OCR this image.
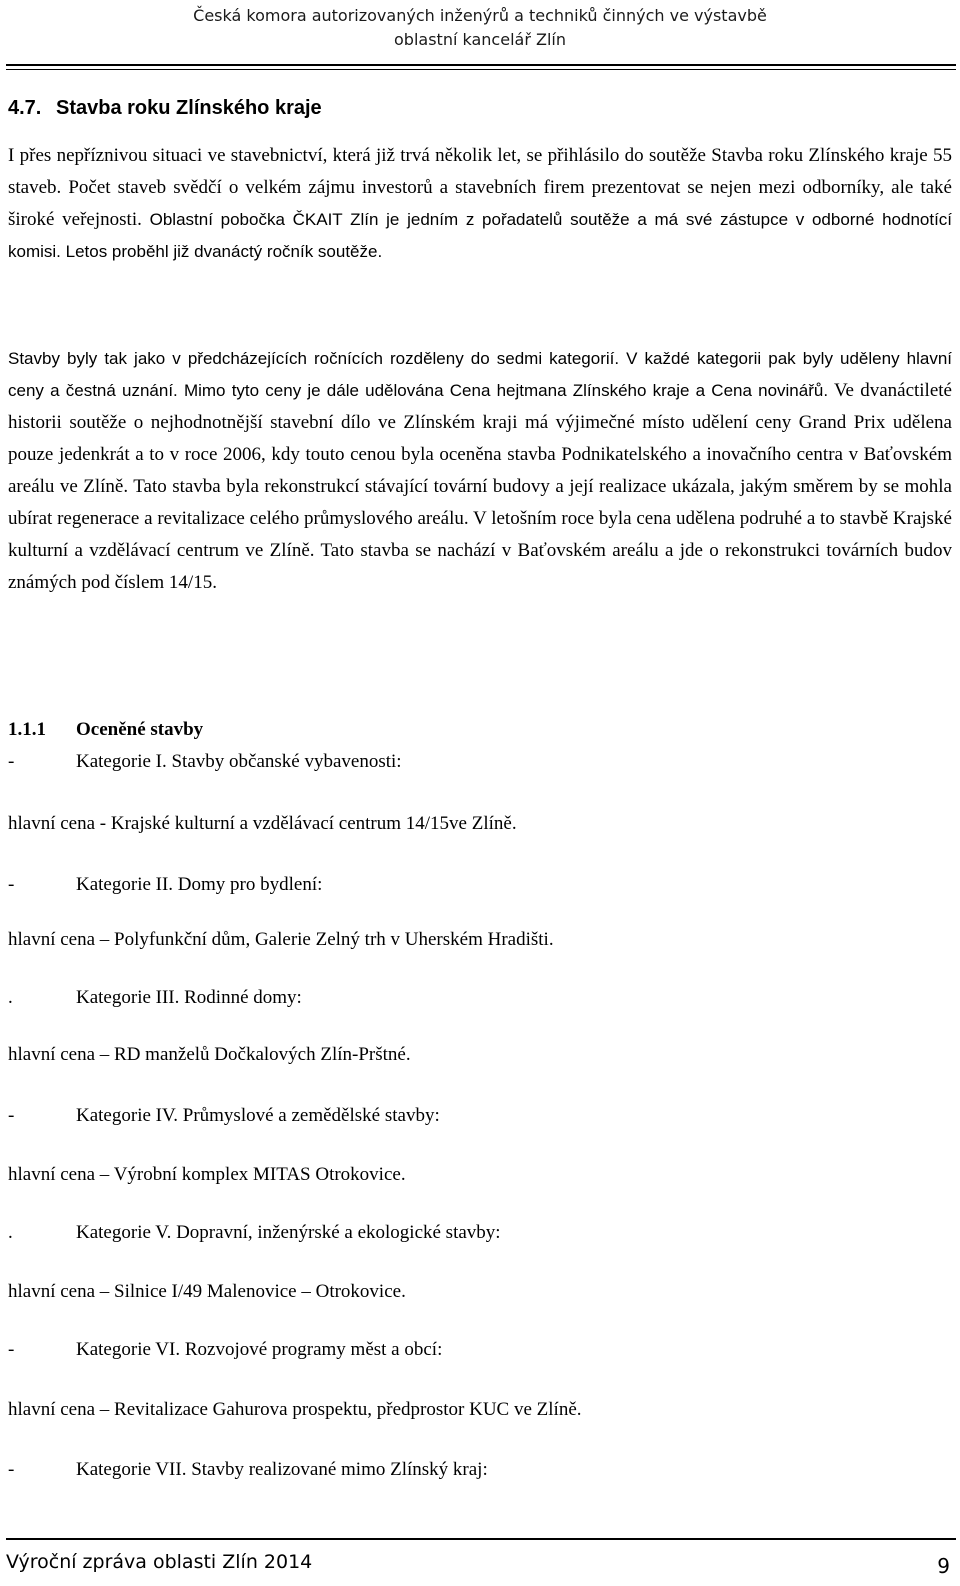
Česká komora autorizovaných inženýrů a techniků činných ve výstavbě
oblastní kancelář Zlín
4.7. Stavba roku Zlínského kraje
I přes nepříznivou situaci ve stavebnictví, která již trvá několik let, se přihlásilo do soutěže Stavba roku Zlínského kraje 55 staveb. Počet staveb svědčí o velkém zájmu investorů a stavebních firem prezentovat se nejen mezi odborníky, ale také široké veřejnosti. Oblastní pobočka ČKAIT Zlín je jedním z pořadatelů soutěže a má své zástupce v odborné hodnotící komisi. Letos proběhl již dvanáctý ročník soutěže.
Stavby byly tak jako v předcházejících ročnících rozděleny do sedmi kategorií. V každé kategorii pak byly uděleny hlavní ceny a čestná uznání. Mimo tyto ceny je dále udělována Cena hejtmana Zlínského kraje a Cena novinářů. Ve dvanáctileté historii soutěže o nejhodnotnější stavební dílo ve Zlínském kraji má výjimečné místo udělení ceny Grand Prix udělena pouze jedenkrát a to v roce 2006, kdy touto cenou byla oceněna stavba Podnikatelského a inovačního centra v Baťovském areálu ve Zlíně. Tato stavba byla rekonstrukcí stávající tovární budovy a její realizace ukázala, jakým směrem by se mohla ubírat regenerace a revitalizace celého průmyslového areálu. V letošním roce byla cena udělena podruhé a to stavbě Krajské kulturní a vzdělávací centrum ve Zlíně. Tato stavba se nachází v Baťovském areálu a jde o rekonstrukci továrních budov známých pod číslem 14/15.
1.1.1 Oceněné stavby
-	Kategorie I. Stavby občanské vybavenosti:
hlavní cena - Krajské kulturní a vzdělávací centrum 14/15ve Zlíně.
-	Kategorie II. Domy pro bydlení:
hlavní cena – Polyfunkční dům, Galerie Zelný trh v Uherském Hradišti.
.	Kategorie III. Rodinné domy:
hlavní cena – RD manželů Dočkalových Zlín-Prštné.
-	Kategorie IV. Průmyslové a zemědělské stavby:
hlavní cena – Výrobní komplex MITAS Otrokovice.
.	Kategorie V. Dopravní, inženýrské a ekologické stavby:
hlavní cena – Silnice I/49 Malenovice – Otrokovice.
-	Kategorie VI. Rozvojové programy měst a obcí:
hlavní cena – Revitalizace Gahurova prospektu, předprostor KUC ve Zlíně.
-	Kategorie VII. Stavby realizované mimo Zlínský kraj:
Výroční zpráva oblasti Zlín 2014	9
